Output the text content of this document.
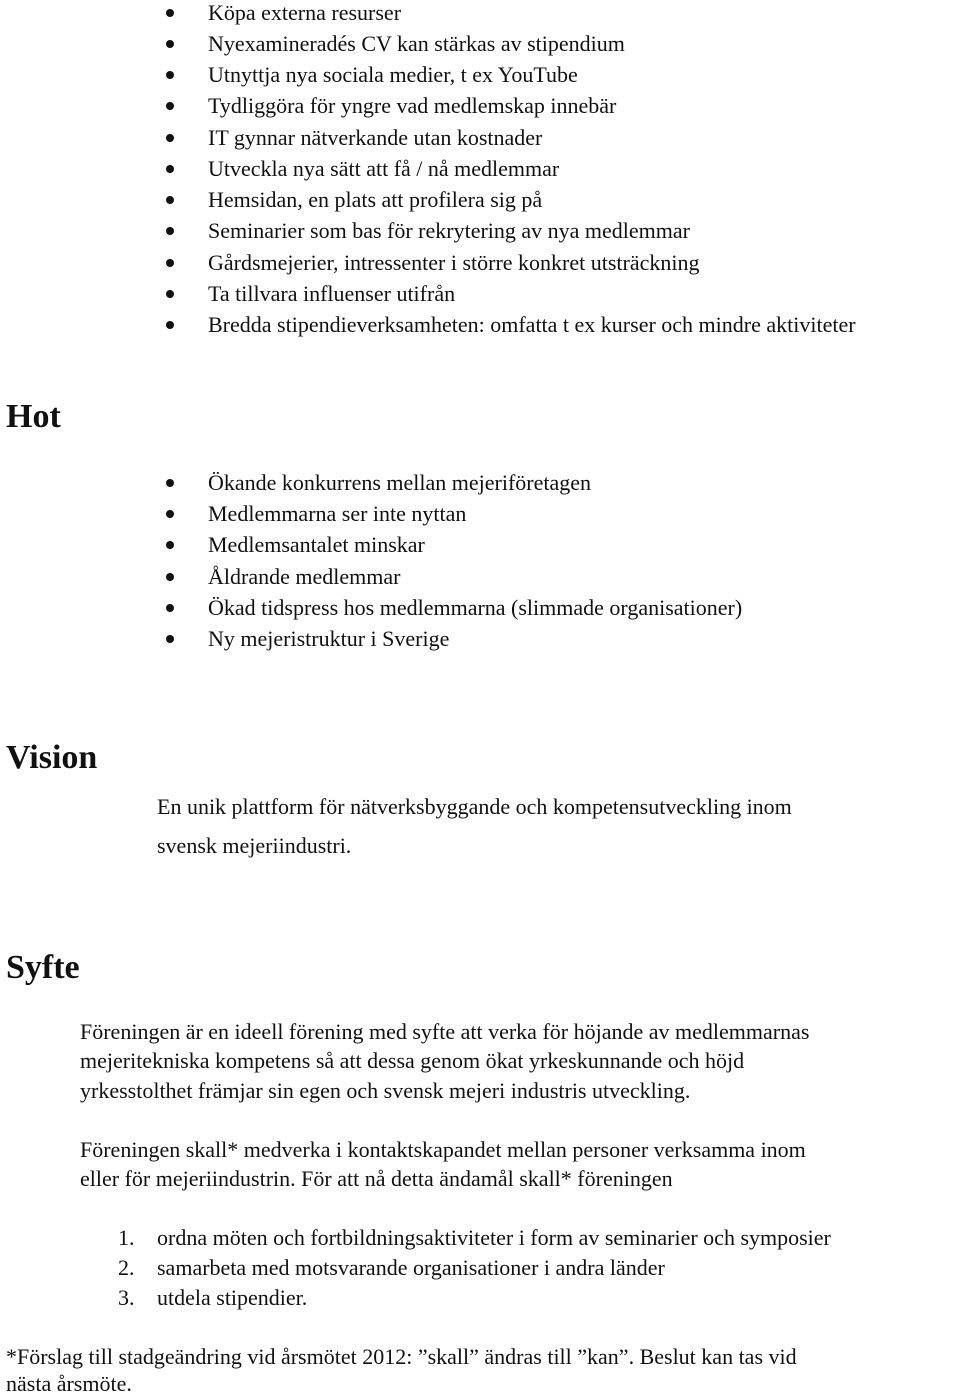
Köpa externa resurser
Nyexamineradés CV kan stärkas av stipendium
Utnyttja nya sociala medier, t ex YouTube
Tydliggöra för yngre vad medlemskap innebär
IT gynnar nätverkande utan kostnader
Utveckla nya sätt att få / nå medlemmar
Hemsidan, en plats att profilera sig på
Seminarier som bas för rekrytering av nya medlemmar
Gårdsmejerier, intressenter i större konkret utsträckning
Ta tillvara influenser utifrån
Bredda stipendieverksamheten: omfatta t ex kurser och mindre aktiviteter
Hot
Ökande konkurrens mellan mejeriföretagen
Medlemmarna ser inte nyttan
Medlemsantalet minskar
Åldrande medlemmar
Ökad tidspress hos medlemmarna (slimmade organisationer)
Ny mejeristruktur i Sverige
Vision
En unik plattform för nätverksbyggande och kompetensutveckling inom
svensk mejeriindustri.
Syfte
Föreningen är en ideell förening med syfte att verka för höjande av medlemmarnas
mejeritekniska kompetens så att dessa genom ökat yrkeskunnande och höjd
yrkesstolthet främjar sin egen och svensk mejeri industris utveckling.
Föreningen skall* medverka i kontaktskapandet mellan personer verksamma inom
eller för mejeriindustrin. För att nå detta ändamål skall* föreningen
1. ordna möten och fortbildningsaktiviteter i form av seminarier och symposier
2. samarbeta med motsvarande organisationer i andra länder
3. utdela stipendier.
*Förslag till stadgeändring vid årsmötet 2012: ”skall” ändras till ”kan”. Beslut kan tas vid
nästa årsmöte.
